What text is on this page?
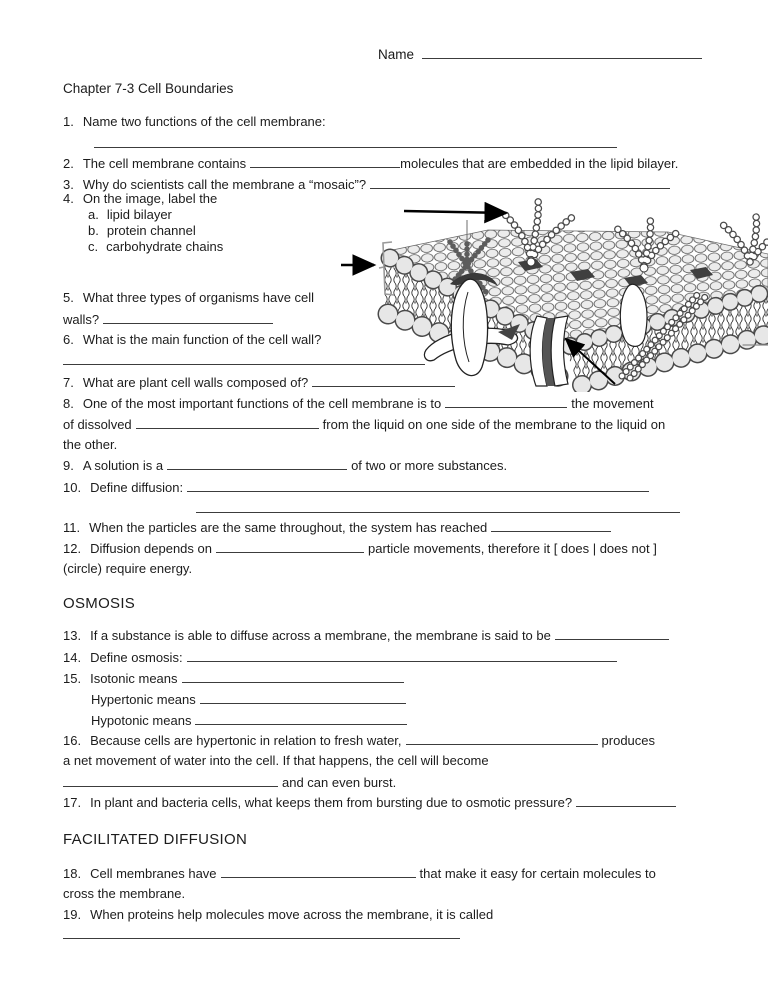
Name
Chapter 7-3 Cell Boundaries
1. Name two functions of the cell membrane:
2. The cell membrane contains	molecules that are embedded in the lipid bilayer.
3. Why do scientists call the membrane a “mosaic”?
4. On the image, label the
a. lipid bilayer
b. protein channel
c. carbohydrate chains
5. What three types of organisms have cell
walls?
6. What is the main function of the cell wall?
7. What are plant cell walls composed of?
8. One of the most important functions of the cell membrane is to	the movement
of dissolved	from the liquid on one side of the membrane to the liquid on
the other.
9. A solution is a	of two or more substances.
10. Define diffusion:
11. When the particles are the same throughout, the system has reached
12. Diffusion depends on	particle movements, therefore it [ does | does not ]
(circle) require energy.
OSMOSIS
13. If a substance is able to diffuse across a membrane, the membrane is said to be
14. Define osmosis:
15. Isotonic means
Hypertonic means
Hypotonic means
16. Because cells are hypertonic in relation to fresh water,	produces
a net movement of water into the cell. If that happens, the cell will become
and can even burst.
17. In plant and bacteria cells, what keeps them from bursting due to osmotic pressure?
FACILITATED DIFFUSION
18. Cell membranes have	that make it easy for certain molecules to
cross the membrane.
19. When proteins help molecules move across the membrane, it is called
